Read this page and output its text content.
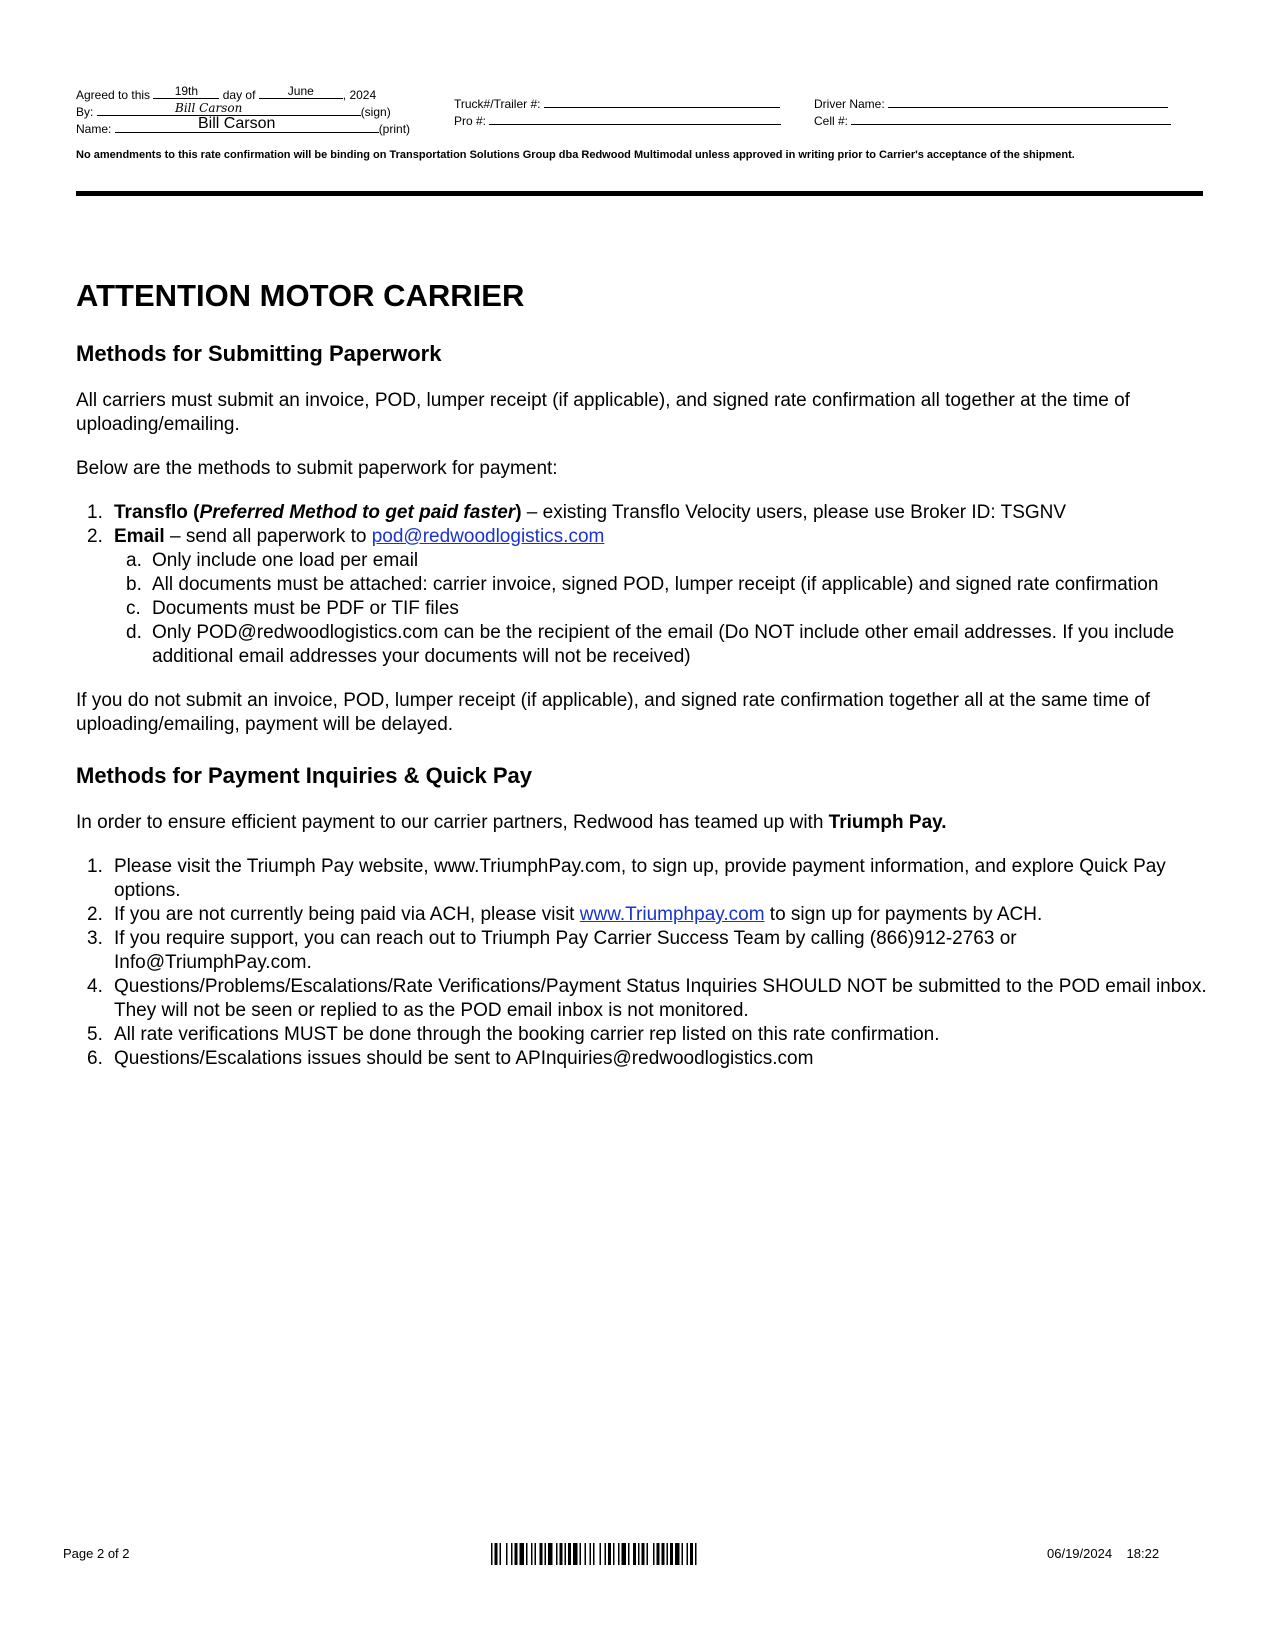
Agreed to this	19th	day of	June	, 2024
By:	Bill Carson	(sign)
Name:	Bill Carson	(print)
Truck#/Trailer #:
Pro #:
Driver Name:
Cell #:
No amendments to this rate confirmation will be binding on Transportation Solutions Group dba Redwood Multimodal unless approved in writing prior to Carrier's acceptance of the shipment.
ATTENTION MOTOR CARRIER
Methods for Submitting Paperwork

All carriers must submit an invoice, POD, lumper receipt (if applicable), and signed rate confirmation all together at the time of uploading/emailing.

Below are the methods to submit paperwork for payment:

1. Transflo (Preferred Method to get paid faster) – existing Transflo Velocity users, please use Broker ID: TSGNV
2. Email – send all paperwork to pod@redwoodlogistics.com
a. Only include one load per email
b. All documents must be attached: carrier invoice, signed POD, lumper receipt (if applicable) and signed rate confirmation
c. Documents must be PDF or TIF files
d. Only POD@redwoodlogistics.com can be the recipient of the email (Do NOT include other email addresses. If you include additional email addresses your documents will not be received)

If you do not submit an invoice, POD, lumper receipt (if applicable), and signed rate confirmation together all at the same time of uploading/emailing, payment will be delayed.

Methods for Payment Inquiries & Quick Pay

In order to ensure efficient payment to our carrier partners, Redwood has teamed up with Triumph Pay.

1. Please visit the Triumph Pay website, www.TriumphPay.com, to sign up, provide payment information, and explore Quick Pay options.
2. If you are not currently being paid via ACH, please visit www.Triumphpay.com to sign up for payments by ACH.
3. If you require support, you can reach out to Triumph Pay Carrier Success Team by calling (866)912-2763 or Info@TriumphPay.com.
4. Questions/Problems/Escalations/Rate Verifications/Payment Status Inquiries SHOULD NOT be submitted to the POD email inbox. They will not be seen or replied to as the POD email inbox is not monitored.
5. All rate verifications MUST be done through the booking carrier rep listed on this rate confirmation.
6. Questions/Escalations issues should be sent to APInquiries@redwoodlogistics.com
Page 2 of 2	06/19/2024 18:22
